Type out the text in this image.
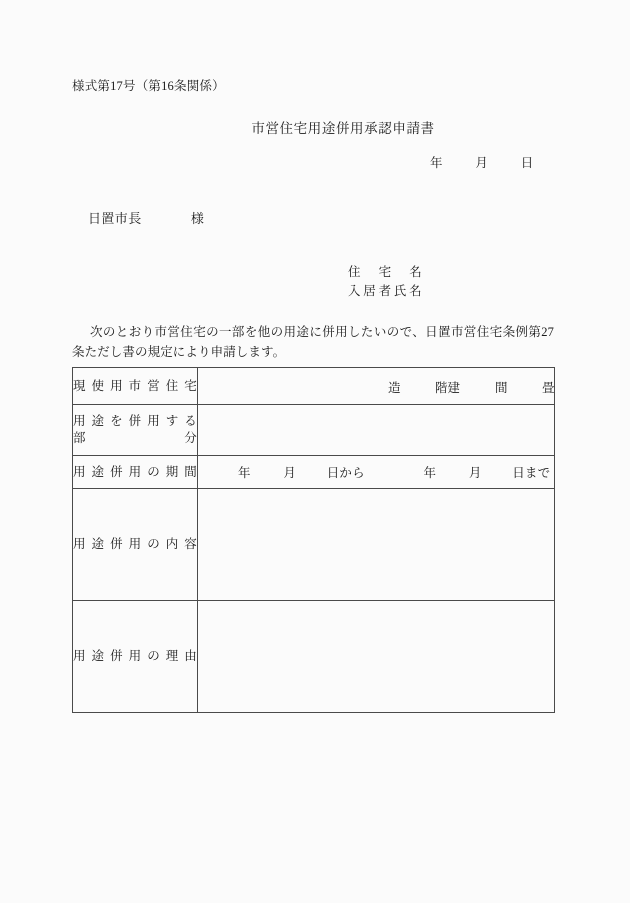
様式第17号（第16条関係）
市営住宅用途併用承認申請書
年	月	日
日置市長	様
住宅名
入居者氏名
次のとおり市営住宅の一部を他の用途に併用したいので、日置市営住宅条例第27条ただし書の規定により申請します。
現使用市営住宅	造 階建 間 畳

用途を併用する
部分	

用途併用の期間	年 月 日から 年 月 日まで

用途併用の内容	

用途併用の理由	
